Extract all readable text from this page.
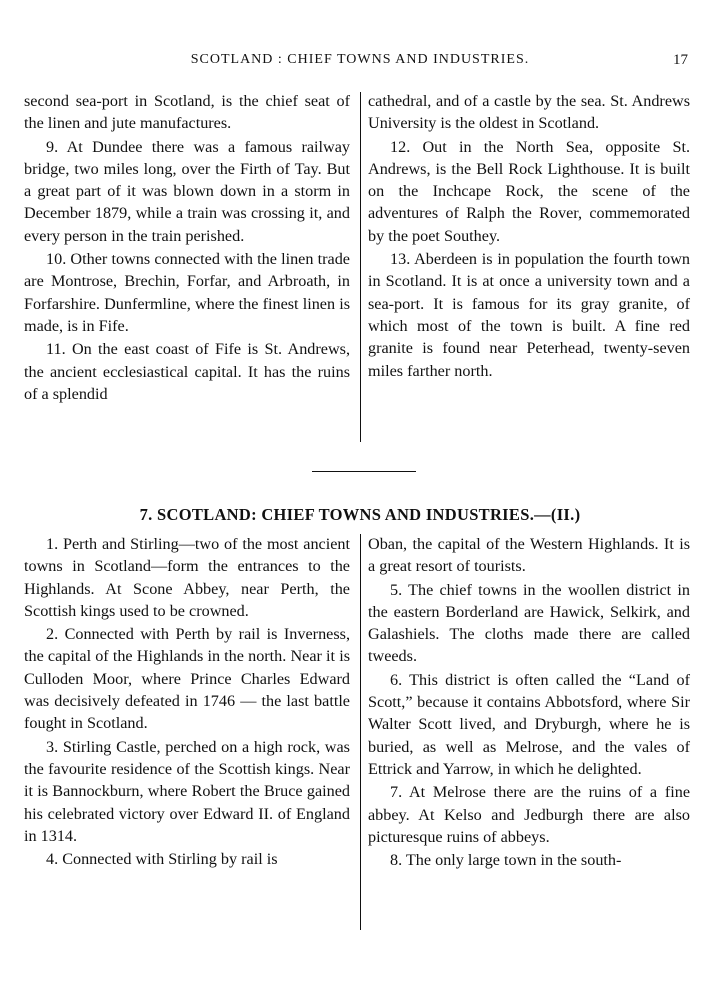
SCOTLAND : CHIEF TOWNS AND INDUSTRIES.	17

second sea-port in Scotland, is the chief seat of the linen and jute manufactures.

9. At Dundee there was a famous railway bridge, two miles long, over the Firth of Tay. But a great part of it was blown down in a storm in December 1879, while a train was crossing it, and every person in the train perished.

10. Other towns connected with the linen trade are Montrose, Brechin, Forfar, and Arbroath, in Forfarshire. Dunfermline, where the finest linen is made, is in Fife.

11. On the east coast of Fife is St. Andrews, the ancient ecclesiastical capital. It has the ruins of a splendid

cathedral, and of a castle by the sea. St. Andrews University is the oldest in Scotland.

12. Out in the North Sea, opposite St. Andrews, is the Bell Rock Lighthouse. It is built on the Inchcape Rock, the scene of the adventures of Ralph the Rover, commemorated by the poet Southey.

13. Aberdeen is in population the fourth town in Scotland. It is at once a university town and a sea-port. It is famous for its gray granite, of which most of the town is built. A fine red granite is found near Peterhead, twenty-seven miles farther north.

7. SCOTLAND: CHIEF TOWNS AND INDUSTRIES.—(II.)

1. Perth and Stirling—two of the most ancient towns in Scotland—form the entrances to the Highlands. At Scone Abbey, near Perth, the Scottish kings used to be crowned.

2. Connected with Perth by rail is Inverness, the capital of the Highlands in the north. Near it is Culloden Moor, where Prince Charles Edward was decisively defeated in 1746 — the last battle fought in Scotland.

3. Stirling Castle, perched on a high rock, was the favourite residence of the Scottish kings. Near it is Bannockburn, where Robert the Bruce gained his celebrated victory over Edward II. of England in 1314.

4. Connected with Stirling by rail is

Oban, the capital of the Western Highlands. It is a great resort of tourists.

5. The chief towns in the woollen district in the eastern Borderland are Hawick, Selkirk, and Galashiels. The cloths made there are called tweeds.

6. This district is often called the “Land of Scott,” because it contains Abbotsford, where Sir Walter Scott lived, and Dryburgh, where he is buried, as well as Melrose, and the vales of Ettrick and Yarrow, in which he delighted.

7. At Melrose there are the ruins of a fine abbey. At Kelso and Jedburgh there are also picturesque ruins of abbeys.

8. The only large town in the south-
